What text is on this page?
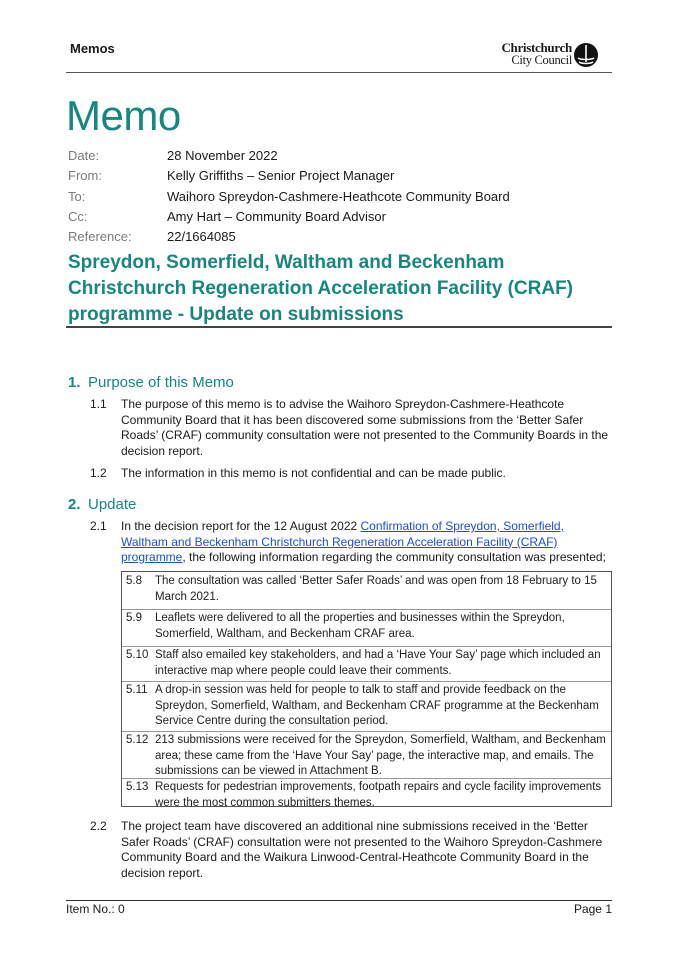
Memos	Christchurch
City Council
Memo
Date:	28 November 2022
From:	Kelly Griffiths – Senior Project Manager
To:	Waihoro Spreydon-Cashmere-Heathcote Community Board
Cc:	Amy Hart – Community Board Advisor
Reference:	22/1664085
Spreydon, Somerfield, Waltham and Beckenham Christchurch Regeneration Acceleration Facility (CRAF) programme - Update on submissions
1. Purpose of this Memo
1.1 The purpose of this memo is to advise the Waihoro Spreydon-Cashmere-Heathcote Community Board that it has been discovered some submissions from the ‘Better Safer Roads’ (CRAF) community consultation were not presented to the Community Boards in the decision report.
1.2 The information in this memo is not confidential and can be made public.
2. Update
2.1 In the decision report for the 12 August 2022 Confirmation of Spreydon, Somerfield, Waltham and Beckenham Christchurch Regeneration Acceleration Facility (CRAF) programme, the following information regarding the community consultation was presented;
5.8 The consultation was called ‘Better Safer Roads’ and was open from 18 February to 15 March 2021.
5.9 Leaflets were delivered to all the properties and businesses within the Spreydon, Somerfield, Waltham, and Beckenham CRAF area.
5.10 Staff also emailed key stakeholders, and had a ‘Have Your Say’ page which included an interactive map where people could leave their comments.
5.11 A drop-in session was held for people to talk to staff and provide feedback on the Spreydon, Somerfield, Waltham, and Beckenham CRAF programme at the Beckenham Service Centre during the consultation period.
5.12 213 submissions were received for the Spreydon, Somerfield, Waltham, and Beckenham area; these came from the ‘Have Your Say’ page, the interactive map, and emails. The submissions can be viewed in Attachment B.
5.13 Requests for pedestrian improvements, footpath repairs and cycle facility improvements were the most common submitters themes.
2.2 The project team have discovered an additional nine submissions received in the ‘Better Safer Roads’ (CRAF) consultation were not presented to the Waihoro Spreydon-Cashmere Community Board and the Waikura Linwood-Central-Heathcote Community Board in the decision report.
Item No.: 0	Page 1
